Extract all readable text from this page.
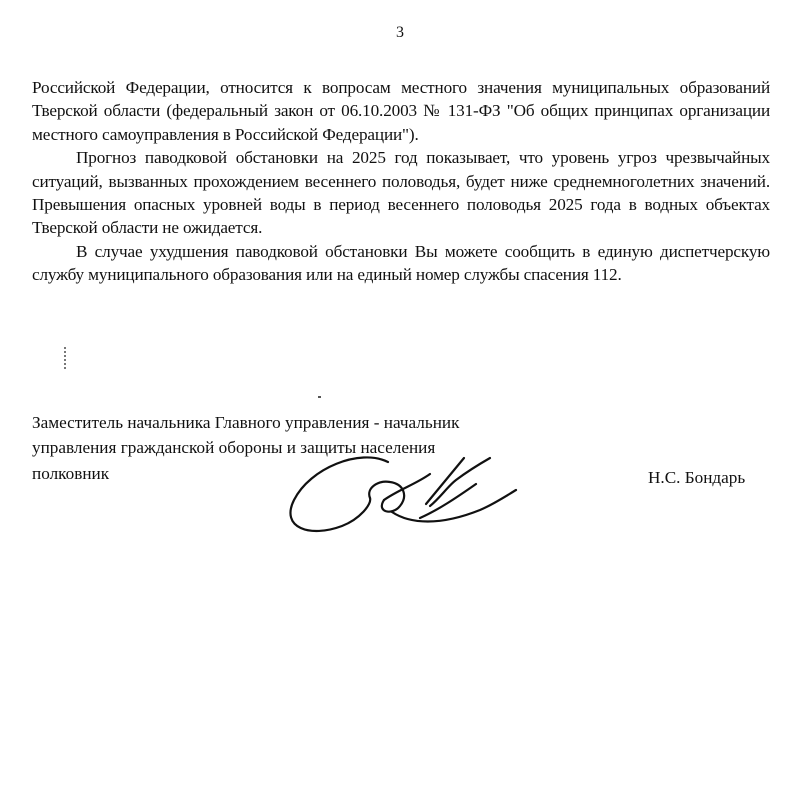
3

Российской Федерации, относится к вопросам местного значения муниципальных образований Тверской области (федеральный закон от 06.10.2003 № 131-ФЗ "Об общих принципах организации местного самоуправления в Российской Федерации").

Прогноз паводковой обстановки на 2025 год показывает, что уровень угроз чрезвычайных ситуаций, вызванных прохождением весеннего половодья, будет ниже среднемноголетних значений. Превышения опасных уровней воды в период весеннего половодья 2025 года в водных объектах Тверской области не ожидается.

В случае ухудшения паводковой обстановки Вы можете сообщить в единую диспетчерскую службу муниципального образования или на единый номер службы спасения 112.

Заместитель начальника Главного управления - начальник
управления гражданской обороны и защиты населения
полковник	Н.С. Бондарь
